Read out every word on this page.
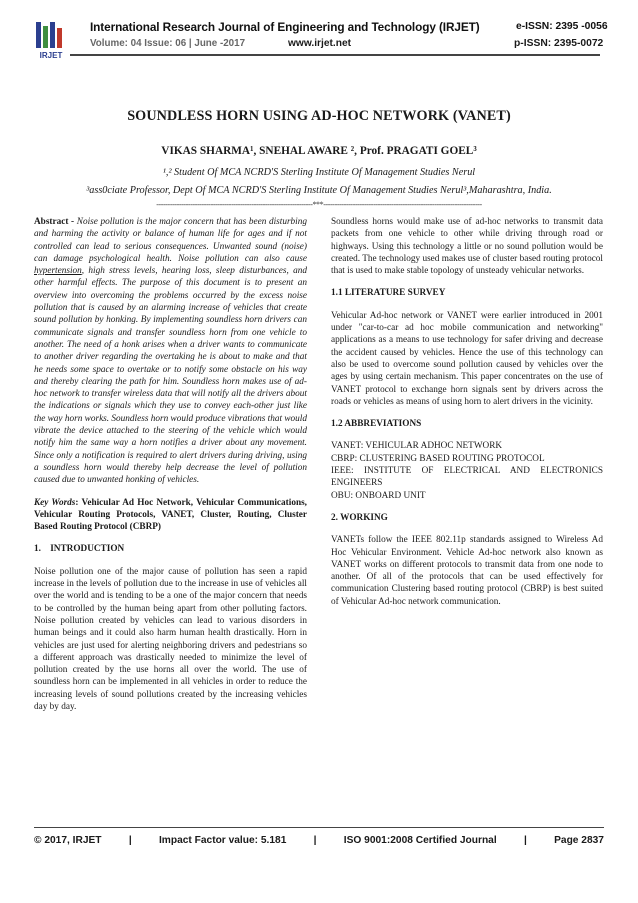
IRJET
International Research Journal of Engineering and Technology (IRJET)	e-ISSN: 2395 -0056
Volume: 04 Issue: 06 | June -2017	www.irjet.net	p-ISSN: 2395-0072
SOUNDLESS HORN USING AD-HOC NETWORK (VANET)
VIKAS SHARMA¹, SNEHAL AWARE ², Prof. PRAGATI GOEL³
¹,² Student Of MCA NCRD'S Sterling Institute Of Management Studies Nerul
³ass0ciate Professor, Dept Of MCA NCRD'S Sterling Institute Of Management Studies Nerul³,Maharashtra, India.
---------------------------------------------------------------------***----------------------------------------------------------------------

Abstract - Noise pollution is the major concern that has been disturbing and harming the activity or balance of human life for ages and if not controlled can lead to serious consequences. Unwanted sound (noise) can damage psychological health. Noise pollution can also cause hypertension, high stress levels, hearing loss, sleep disturbances, and other harmful effects. The purpose of this document is to present an overview into overcoming the problems occurred by the excess noise pollution that is caused by an alarming increase of vehicles that create sound pollution by honking. By implementing soundless horn drivers can communicate signals and transfer soundless horn from one vehicle to another. The need of a honk arises when a driver wants to communicate to another driver regarding the overtaking he is about to make and that he needs some space to overtake or to notify some obstacle on his way and thereby clearing the path for him. Soundless horn makes use of ad-hoc network to transfer wireless data that will notify all the drivers about the indications or signals which they use to convey each-other just like the way horn works. Soundless horn would produce vibrations that would vibrate the device attached to the steering of the vehicle which would notify him the same way a horn notifies a driver about any movement. Since only a notification is required to alert drivers during driving, using a soundless horn would thereby help decrease the level of pollution caused due to unwanted honking of vehicles.

Key Words: Vehicular Ad Hoc Network, Vehicular Communications, Vehicular Routing Protocols, VANET, Cluster, Routing, Cluster Based Routing Protocol (CBRP)

1.    INTRODUCTION

Noise pollution one of the major cause of pollution has seen a rapid increase in the levels of pollution due to the increase in use of vehicles all over the world and is tending to be a one of the major concern that needs to be controlled by the human being apart from other polluting factors. Noise pollution created by vehicles can lead to various disorders in human beings and it could also harm human health drastically. Horn in vehicles are just used for alerting neighboring drivers and pedestrians so a different approach was drastically needed to minimize the level of pollution created by the use horns all over the world. The use of soundless horn can be implemented in all vehicles in order to reduce the increasing levels of sound pollutions created by the increasing vehicles day by day.

Soundless horns would make use of ad-hoc networks to transmit data packets from one vehicle to other while driving through road or highways. Using this technology a little or no sound pollution would be created. The technology used makes use of cluster based routing protocol that is used to make stable topology of unsteady vehicular networks.

1.1 LITERATURE SURVEY

Vehicular Ad-hoc network or VANET were earlier introduced in 2001 under "car-to-car ad hoc mobile communication and networking" applications as a means to use technology for safer driving and decrease the accident caused by vehicles. Hence the use of this technology can also be used to overcome sound pollution caused by vehicles over the ages by using certain mechanism. This paper concentrates on the use of VANET protocol to exchange horn signals sent by drivers across the roads or vehicles as means of using horn to alert drivers in the vicinity.

1.2 ABBREVIATIONS
VANET: VEHICULAR ADHOC NETWORK
CBRP: CLUSTERING BASED ROUTING PROTOCOL
IEEE:  INSTITUTE  OF  ELECTRICAL  AND  ELECTRONICS ENGINEERS
OBU: ONBOARD UNIT
2. WORKING

VANETs follow the IEEE 802.11p standards assigned to Wireless Ad Hoc Vehicular Environment. Vehicle Ad-hoc network also known as VANET works on different protocols to transmit data from one node to another. Of all of the protocols that can be used effectively for communication Clustering based routing protocol (CBRP) is best suited of Vehicular Ad-hoc network communication.

© 2017, IRJET	|	Impact Factor value: 5.181	|	ISO 9001:2008 Certified Journal	|	Page 2837
